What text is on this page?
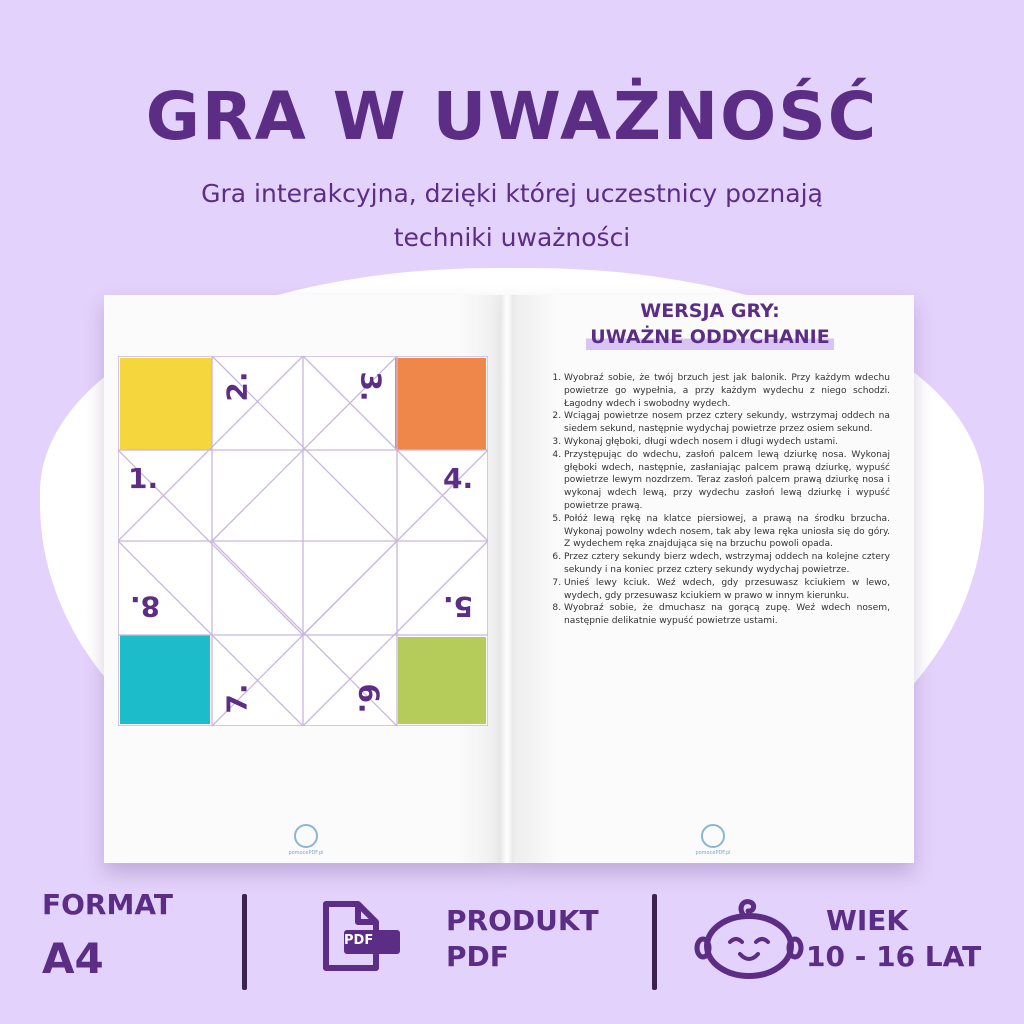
GRA W UWAŻNOŚĆ
Gra interakcyjna, dzięki której uczestnicy poznają
techniki uważności
1.
2.	3.
4.
5.
6.
7.
8.
pomocePDF.pl	pomocePDF.pl
WERSJA GRY:
UWAŻNE ODDYCHANIE
1. Wyobraź sobie, że twój brzuch jest jak balonik. Przy każdym wdechu powietrze go wypełnia, a przy każdym wydechu z niego schodzi. Łagodny wdech i swobodny wydech.
2. Wciągaj powietrze nosem przez cztery sekundy, wstrzymaj oddech na siedem sekund, następnie wydychaj powietrze przez osiem sekund.
3. Wykonaj głęboki, długi wdech nosem i długi wydech ustami.
4. Przystępując do wdechu, zasłoń palcem lewą dziurkę nosa. Wykonaj głęboki wdech, następnie, zasłaniając palcem prawą dziurkę, wypuść powietrze lewym nozdrzem. Teraz zasłoń palcem prawą dziurkę nosa i wykonaj wdech lewą, przy wydechu zasłoń lewą dziurkę i wypuść powietrze prawą.
5. Połóż lewą rękę na klatce piersiowej, a prawą na środku brzucha. Wykonaj powolny wdech nosem, tak aby lewa ręka uniosła się do góry. Z wydechem ręka znajdująca się na brzuchu powoli opada.
6. Przez cztery sekundy bierz wdech, wstrzymaj oddech na kolejne cztery sekundy i na koniec przez cztery sekundy wydychaj powietrze.
7. Unieś lewy kciuk. Weź wdech, gdy przesuwasz kciukiem w lewo, wydech, gdy przesuwasz kciukiem w prawo w innym kierunku.
8. Wyobraź sobie, że dmuchasz na gorącą zupę. Weź wdech nosem, następnie delikatnie wypuść powietrze ustami.
FORMAT
A4	PDF
PRODUKT
PDF
WIEK
10 - 16 LAT
